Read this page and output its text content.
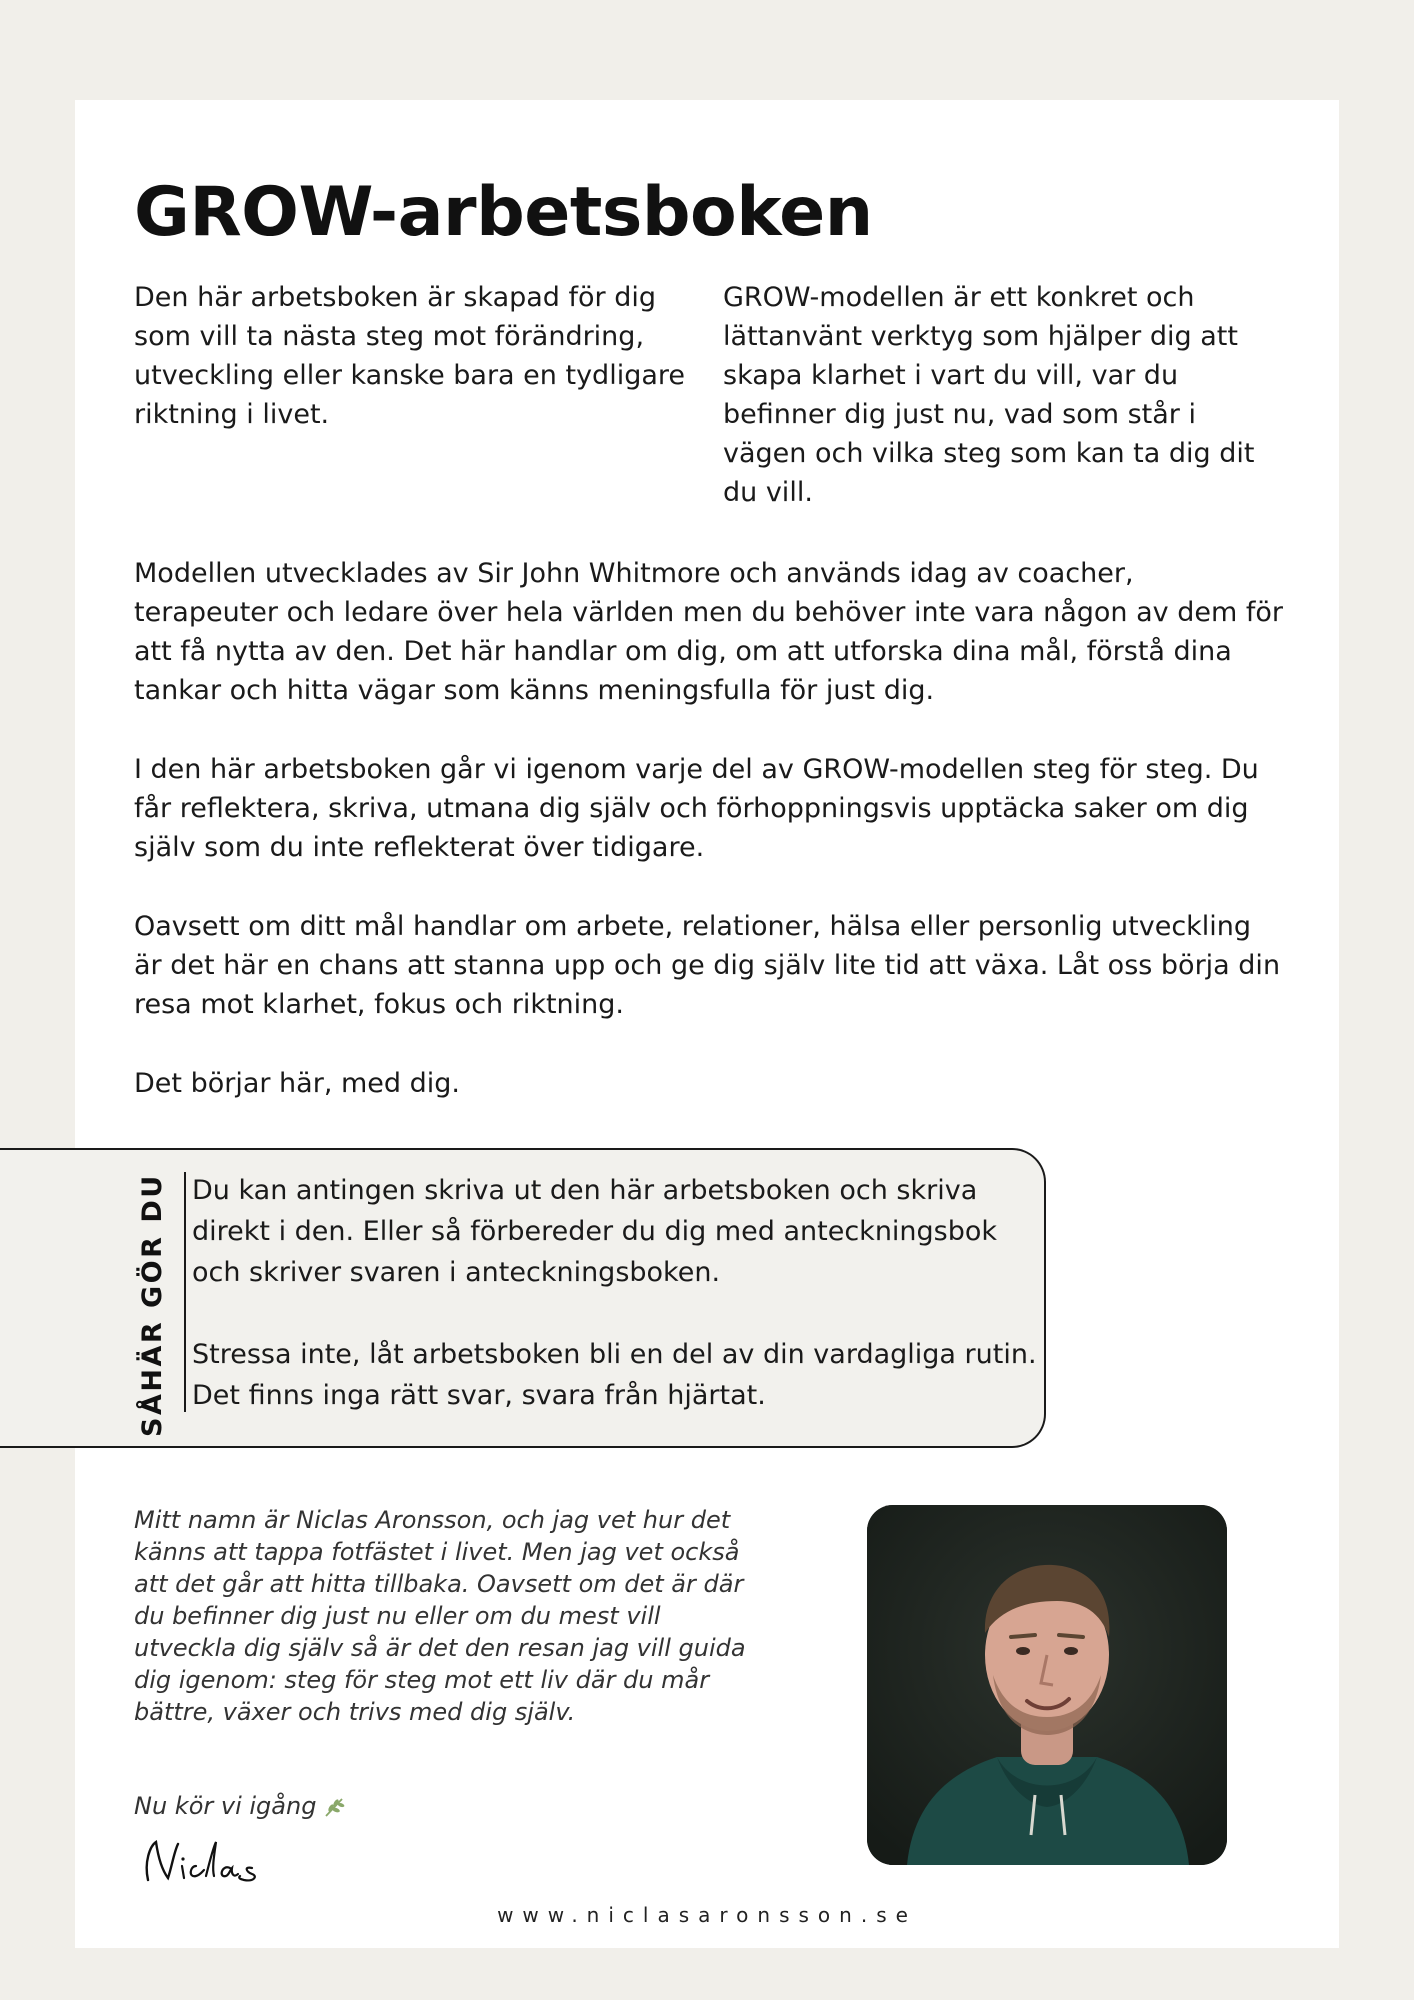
GROW-arbetsboken

Den här arbetsboken är skapad för dig som vill ta nästa steg mot förändring, utveckling eller kanske bara en tydligare riktning i livet.

GROW-modellen är ett konkret och lättanvänt verktyg som hjälper dig att skapa klarhet i vart du vill, var du befinner dig just nu, vad som står i vägen och vilka steg som kan ta dig dit du vill.

Modellen utvecklades av Sir John Whitmore och används idag av coacher, terapeuter och ledare över hela världen men du behöver inte vara någon av dem för att få nytta av den. Det här handlar om dig, om att utforska dina mål, förstå dina tankar och hitta vägar som känns meningsfulla för just dig.

I den här arbetsboken går vi igenom varje del av GROW-modellen steg för steg. Du får reflektera, skriva, utmana dig själv och förhoppningsvis upptäcka saker om dig själv som du inte reflekterat över tidigare.

Oavsett om ditt mål handlar om arbete, relationer, hälsa eller personlig utveckling är det här en chans att stanna upp och ge dig själv lite tid att växa. Låt oss börja din resa mot klarhet, fokus och riktning.

Det börjar här, med dig.

SÅHÄR GÖR DU Du kan antingen skriva ut den här arbetsboken och skriva direkt i den. Eller så förbereder du dig med anteckningsbok och skriver svaren i anteckningsboken.

Stressa inte, låt arbetsboken bli en del av din vardagliga rutin. Det finns inga rätt svar, svara från hjärtat.

Mitt namn är Niclas Aronsson, och jag vet hur det känns att tappa fotfästet i livet. Men jag vet också att det går att hitta tillbaka. Oavsett om det är där du befinner dig just nu eller om du mest vill utveckla dig själv så är det den resan jag vill guida dig igenom: steg för steg mot ett liv där du mår bättre, växer och trivs med dig själv.

Nu kör vi igång
www.niclasaronsson.se
